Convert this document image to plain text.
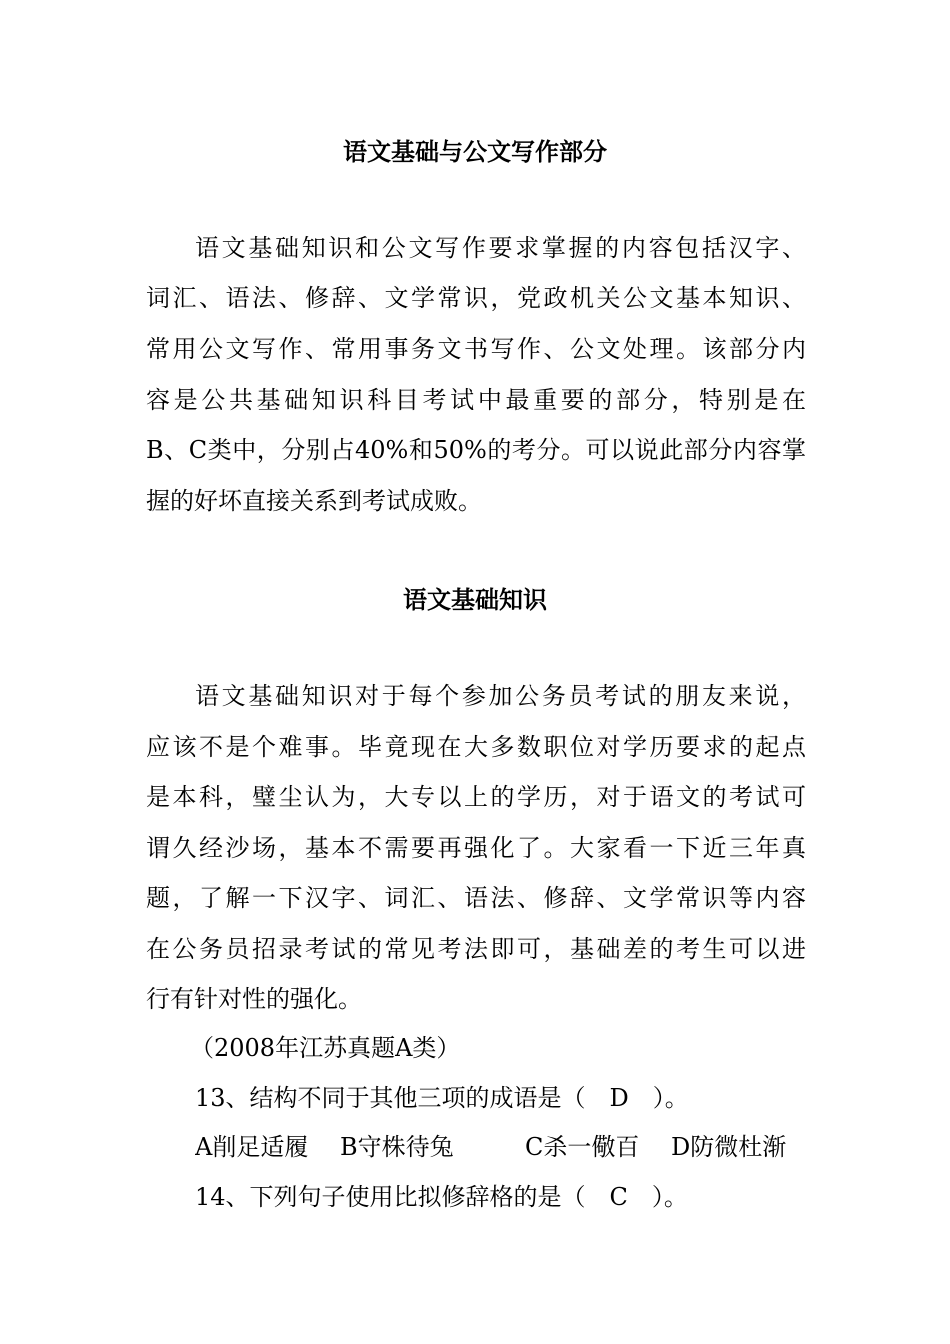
语文基础与公文写作部分

语文基础知识和公文写作要求掌握的内容包括汉字、

词汇、语法、修辞、文学常识，党政机关公文基本知识、

常用公文写作、常用事务文书写作、公文处理。该部分内

容是公共基础知识科目考试中最重要的部分，特别是在

B、C类中，分别占40%和50%的考分。可以说此部分内容掌

握的好坏直接关系到考试成败。

语文基础知识

语文基础知识对于每个参加公务员考试的朋友来说，

应该不是个难事。毕竟现在大多数职位对学历要求的起点

是本科，璧尘认为，大专以上的学历，对于语文的考试可

谓久经沙场，基本不需要再强化了。大家看一下近三年真

题，了解一下汉字、词汇、语法、修辞、文学常识等内容

在公务员招录考试的常见考法即可，基础差的考生可以进

行有针对性的强化。

（2008年江苏真题A类）

13、结构不同于其他三项的成语是（　D　）。

A削足适履 B守株待兔	C杀一儆百 D防微杜渐

14、下列句子使用比拟修辞格的是（　C　）。
